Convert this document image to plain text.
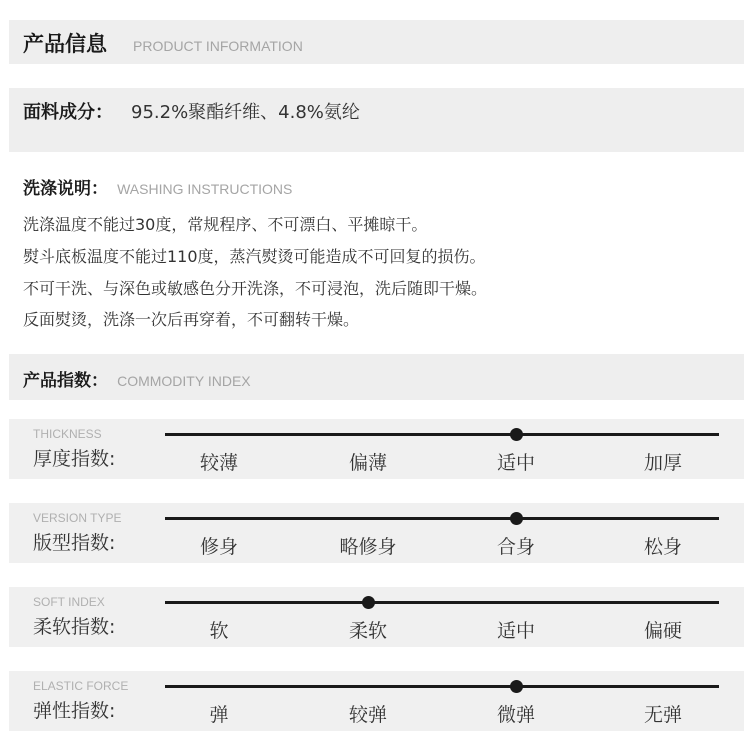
产品信息 PRODUCT INFORMATION
面料成分： 95.2%聚酯纤维、4.8%氨纶
洗涤说明： WASHING INSTRUCTIONS
洗涤温度不能过30度，常规程序、不可漂白、平摊晾干。
熨斗底板温度不能过110度，蒸汽熨烫可能造成不可回复的损伤。
不可干洗、与深色或敏感色分开洗涤，不可浸泡，洗后随即干燥。
反面熨烫，洗涤一次后再穿着，不可翻转干燥。
产品指数： COMMODITY INDEX
THICKNESS
厚度指数:	较薄	偏薄	适中	加厚
VERSION TYPE
版型指数:	修身	略修身	合身	松身
SOFT INDEX
柔软指数:	软	柔软	适中	偏硬
ELASTIC FORCE
弹性指数:	弹	较弹	微弹	无弹
